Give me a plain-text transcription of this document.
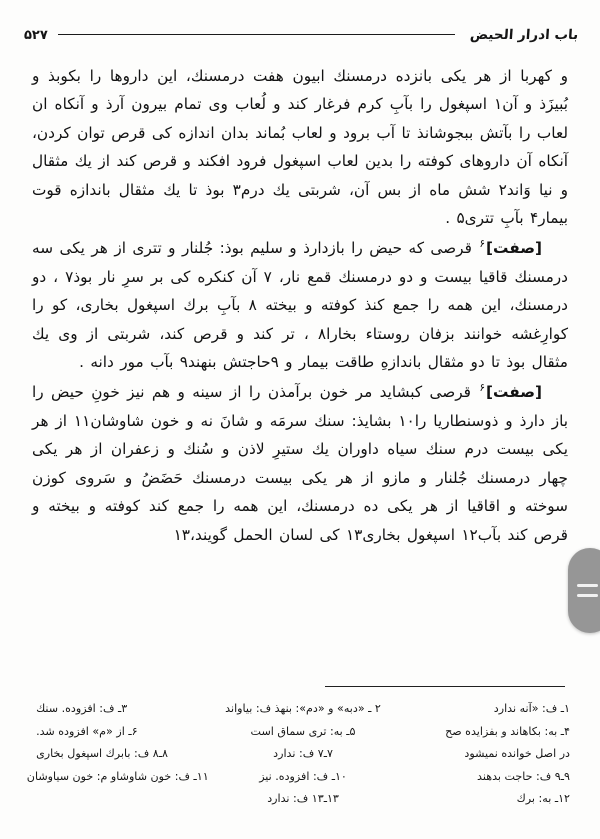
باب ادرار الحیض
۵۲۷

و کهربا از هر یکی بانزده درمسنك ابیون هفت درمسنك، این داروها را بکوبذ و بُبیزَذ و آن۱ اسپغول را بآبِ کرم فرغار کند و لُعاب وی تمام بیرون آرذ و آنکاه ان لعاب را بآتش ببجوشانذ تا آب برود و لعاب بُماند بدان اندازه کی قرص توان کردن، آنکاه آن داروهای کوفته را بدین لعاب اسپغول فرود افکند و قرص کند از یك مثقال و نیا وَاند۲ شش ماه از بس آن، شربتی یك درم۳ بوذ تا یك مثقال باندازه قوت بیمار۴ بآبِ تتری۵ .

[صفت]$^۶$ قرصی که حیض را بازدارذ و سلیم بوذ: جُلنار و تتری از هر یکی سه درمسنك قاقیا بیست و دو درمسنك قمع نار، ۷ آن کنکره کی بر سرِ نار بوذ۷ ، دو درمسنك، این همه را جمع کنذ کوفته و بیخته ۸ بآبِ برك اسپغول بخاری، کو را کوارِغشه خوانند بزفان روستاء بخارا۸ ، تر کند و قرص کند، شربتی از وی یك مثقال بوذ تا دو مثقال باندازهِ طاقت بیمار و ۹حاجتش بنهند۹ بآب مور دانه .

[صفت]$^۶$ قرصی کبشاید مر خون برآمذن را از سینه و هم نیز خونِ حیض را باز دارذ و ذوسنطاریا را۱۰ بشایذ: سنك سرمَه و شانَ نه و خون شاوشان۱۱ از هر یکی بیست درم سنك سیاه داوران یك ستیرِ لاذن و سُنك و زعفران از هر یکی چهار درمسنك جُلنار و مازو از هر یکی بیست درمسنك حَضَضُ و سَروی کوزن سوخته و اقاقیا از هر یکی ده درمسنك، این همه را جمع کند کوفته و بیخته و قرص کند بآب۱۲ اسپغول بخاری۱۳ کی لسان الحمل گویند،۱۳

۱ـ ف: «آنه ندارد
۲ ـ «دبه» و «دم»: بنهذ ف: بیاواند
۳ـ ف: افزوده. سنك
۴ـ به: بكاهاند و بفزایده صح
۵ـ به: تری سماق است
۶ـ از «م» افزوده شد.
در اصل خوانده نمیشود
۷ـ۷ ف: ندارد
۸ـ۸ ف: بابرك اسپغول بخاری
۹ـ۹ ف: حاجت بدهند
۱۰ـ ف: افزوده. نیز
۱۱ـ ف: خون شاوشاو م: خون سیاوشان
۱۲ـ به: برك
۱۳ـ۱۳ ف: ندارد
